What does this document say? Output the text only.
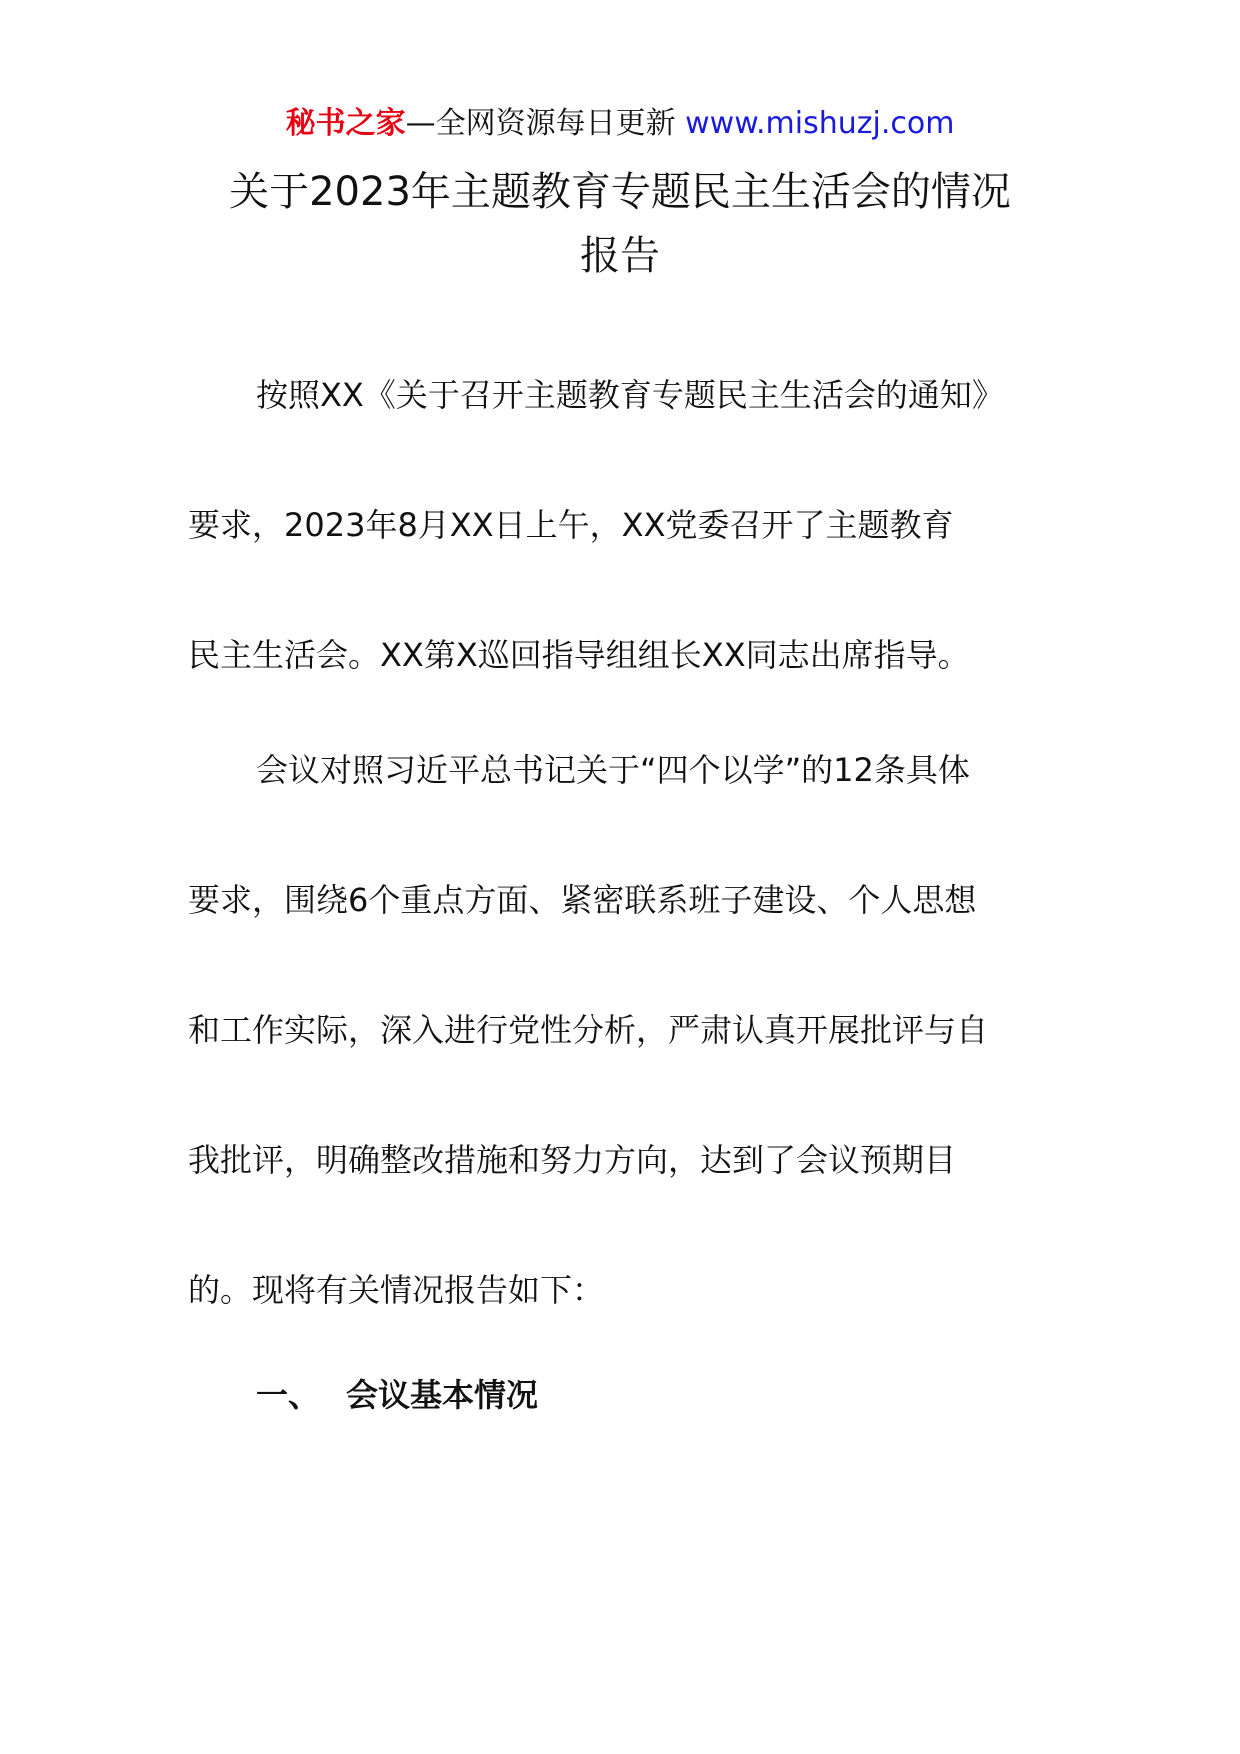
秘书之家—全网资源每日更新 www.mishuzj.com
关于2023年主题教育专题民主生活会的情况
报告

按照XX《关于召开主题教育专题民主生活会的通知》

要求，2023年8月XX日上午，XX党委召开了主题教育

民主生活会。XX第X巡回指导组组长XX同志出席指导。

会议对照习近平总书记关于“四个以学”的12条具体

要求，围绕6个重点方面、紧密联系班子建设、个人思想

和工作实际，深入进行党性分析，严肃认真开展批评与自

我批评，明确整改措施和努力方向，达到了会议预期目

的。现将有关情况报告如下：

一、 会议基本情况
